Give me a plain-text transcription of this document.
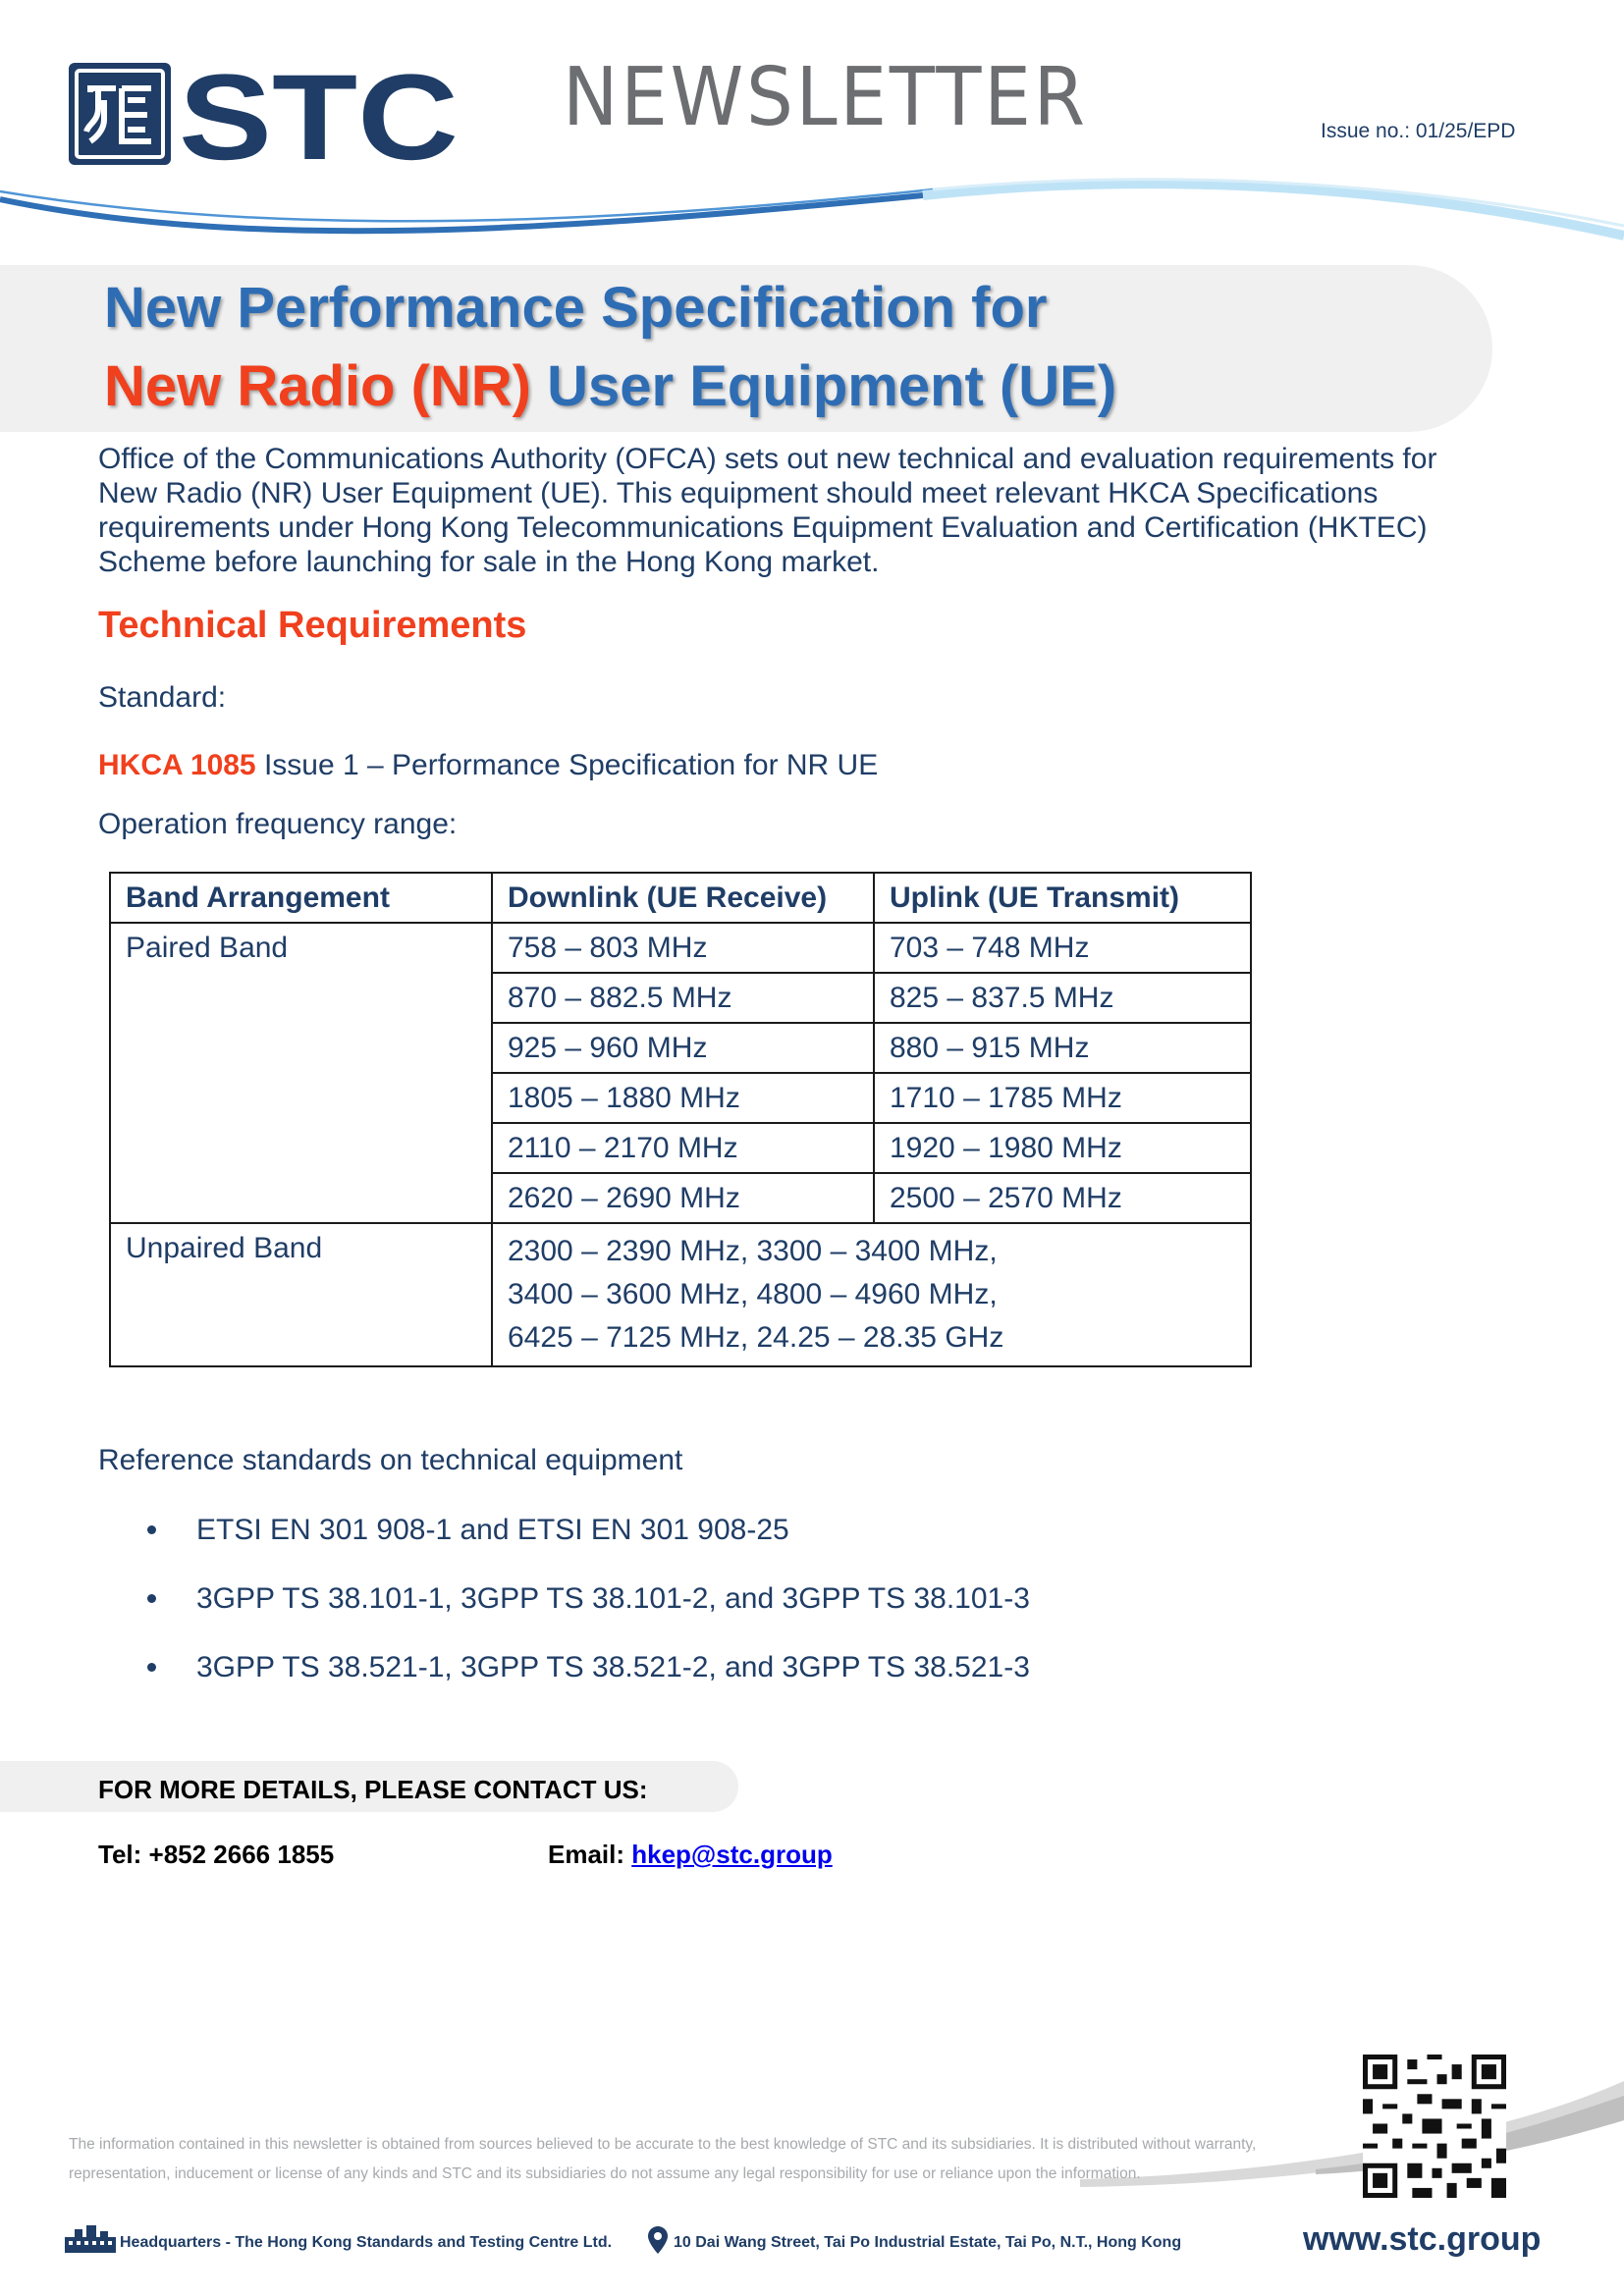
STC NEWSLETTER	Issue no.: 01/25/EPD
New Performance Specification for
New Radio (NR) User Equipment (UE)
Office of the Communications Authority (OFCA) sets out new technical and evaluation requirements for New Radio (NR) User Equipment (UE). This equipment should meet relevant HKCA Specifications requirements under Hong Kong Telecommunications Equipment Evaluation and Certification (HKTEC) Scheme before launching for sale in the Hong Kong market.
Technical Requirements
Standard:
HKCA 1085 Issue 1 – Performance Specification for NR UE
Operation frequency range:
Band Arrangement	Downlink (UE Receive)	Uplink (UE Transmit)
Paired Band	758 – 803 MHz	703 – 748 MHz
	870 – 882.5 MHz	825 – 837.5 MHz
	925 – 960 MHz	880 – 915 MHz
	1805 – 1880 MHz	1710 – 1785 MHz
	2110 – 2170 MHz	1920 – 1980 MHz
	2620 – 2690 MHz	2500 – 2570 MHz
Unpaired Band	2300 – 2390 MHz, 3300 – 3400 MHz,
3400 – 3600 MHz, 4800 – 4960 MHz,
6425 – 7125 MHz, 24.25 – 28.35 GHz	
Reference standards on technical equipment
ETSI EN 301 908-1 and ETSI EN 301 908-25
3GPP TS 38.101-1, 3GPP TS 38.101-2, and 3GPP TS 38.101-3
3GPP TS 38.521-1, 3GPP TS 38.521-2, and 3GPP TS 38.521-3
FOR MORE DETAILS, PLEASE CONTACT US:
Tel: +852 2666 1855	Email: hkep@stc.group
The information contained in this newsletter is obtained from sources believed to be accurate to the best knowledge of STC and its subsidiaries. It is distributed without warranty, representation, inducement or license of any kinds and STC and its subsidiaries do not assume any legal responsibility for use or reliance upon the information.
Headquarters - The Hong Kong Standards and Testing Centre Ltd.	10 Dai Wang Street, Tai Po Industrial Estate, Tai Po, N.T., Hong Kong	www.stc.group
